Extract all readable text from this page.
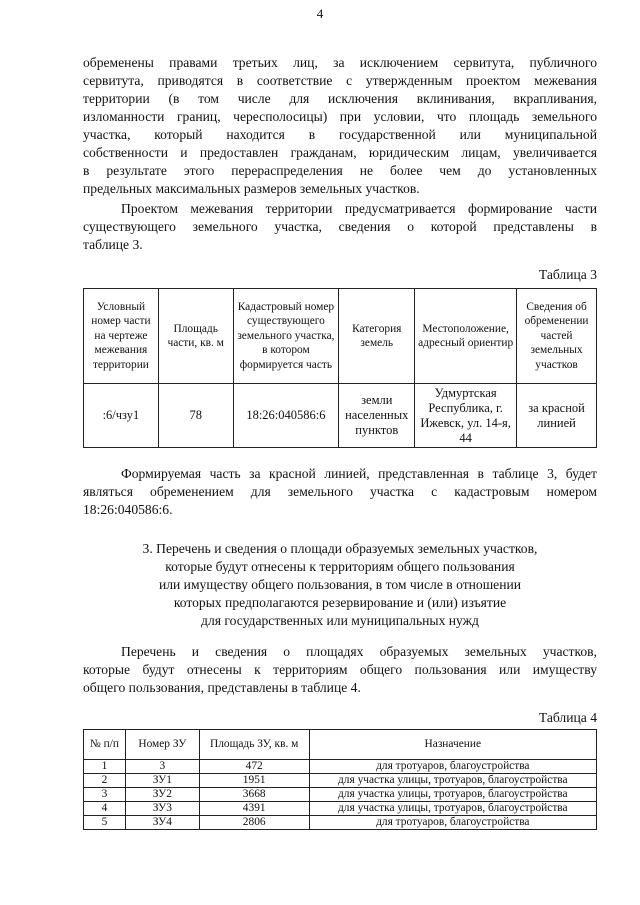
4
обременены правами третьих лиц, за исключением сервитута, публичного
сервитута, приводятся в соответствие с утвержденным проектом межевания
территории (в том числе для исключения вклинивания, вкрапливания,
изломанности границ, чересполосицы) при условии, что площадь земельного
участка, который находится в государственной или муниципальной
собственности и предоставлен гражданам, юридическим лицам, увеличивается
в результате этого перераспределения не более чем до установленных
предельных максимальных размеров земельных участков.
Проектом межевания территории предусматривается формирование части
существующего земельного участка, сведения о которой представлены в
таблице 3.
Таблица 3
Условный номер части на чертеже межевания территории	Площадь части, кв. м	Кадастровый номер существующего земельного участка, в котором формируется часть	Категория земель	Местоположение, адресный ориентир	Сведения об обременении частей земельных участков
:6/чзу1	78	18:26:040586:6	земли населенных пунктов	Удмуртская Республика, г. Ижевск, ул. 14-я, 44	за красной линией
Формируемая часть за красной линией, представленная в таблице 3, будет
являться обременением для земельного участка с кадастровым номером
18:26:040586:6.
3. Перечень и сведения о площади образуемых земельных участков,
которые будут отнесены к территориям общего пользования
или имуществу общего пользования, в том числе в отношении
которых предполагаются резервирование и (или) изъятие
для государственных или муниципальных нужд
Перечень и сведения о площадях образуемых земельных участков,
которые будут отнесены к территориям общего пользования или имуществу
общего пользования, представлены в таблице 4.
Таблица 4
№ п/п	Номер ЗУ	Площадь ЗУ, кв. м	Назначение
1	3	472	для тротуаров, благоустройства
2	ЗУ1	1951	для участка улицы, тротуаров, благоустройства
3	ЗУ2	3668	для участка улицы, тротуаров, благоустройства
4	ЗУ3	4391	для участка улицы, тротуаров, благоустройства
5	ЗУ4	2806	для тротуаров, благоустройства
